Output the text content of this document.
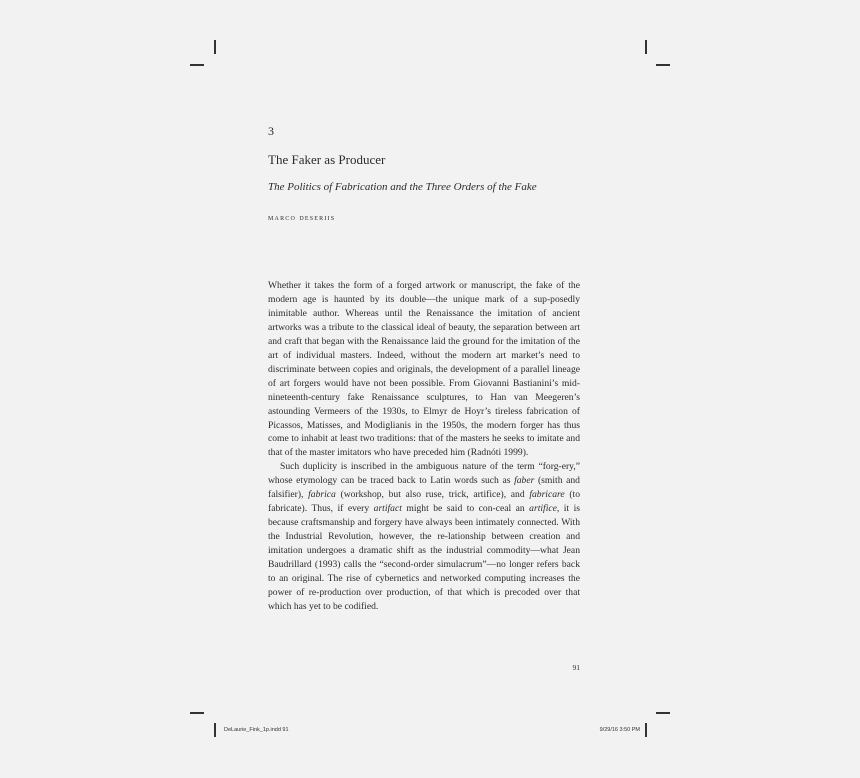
3

The Faker as Producer

The Politics of Fabrication and the Three Orders of the Fake

marco deseriis

Whether it takes the form of a forged artwork or manuscript, the fake of the modern age is haunted by its double—the unique mark of a sup-posedly inimitable author. Whereas until the Renaissance the imitation of ancient artworks was a tribute to the classical ideal of beauty, the separation between art and craft that began with the Renaissance laid the ground for the imitation of the art of individual masters. Indeed, without the modern art market’s need to discriminate between copies and originals, the development of a parallel lineage of art forgers would have not been possible. From Giovanni Bastianini’s mid-nineteenth-century fake Renaissance sculptures, to Han van Meegeren’s astounding Vermeers of the 1930s, to Elmyr de Hoyr’s tireless fabrication of Picassos, Matisses, and Modiglianis in the 1950s, the modern forger has thus come to inhabit at least two traditions: that of the masters he seeks to imitate and that of the master imitators who have preceded him (Radnóti 1999).

Such duplicity is inscribed in the ambiguous nature of the term “forg-ery,” whose etymology can be traced back to Latin words such as faber (smith and falsifier), fabrica (workshop, but also ruse, trick, artifice), and fabricare (to fabricate). Thus, if every artifact might be said to con-ceal an artifice, it is because craftsmanship and forgery have always been intimately connected. With the Industrial Revolution, however, the re-lationship between creation and imitation undergoes a dramatic shift as the industrial commodity—what Jean Baudrillard (1993) calls the “second-order simulacrum”—no longer refers back to an original. The rise of cybernetics and networked computing increases the power of re-production over production, of that which is precoded over that which has yet to be codified.

91
DeLaurie_Fink_1p.indd 91	9/29/16 3:50 PM
